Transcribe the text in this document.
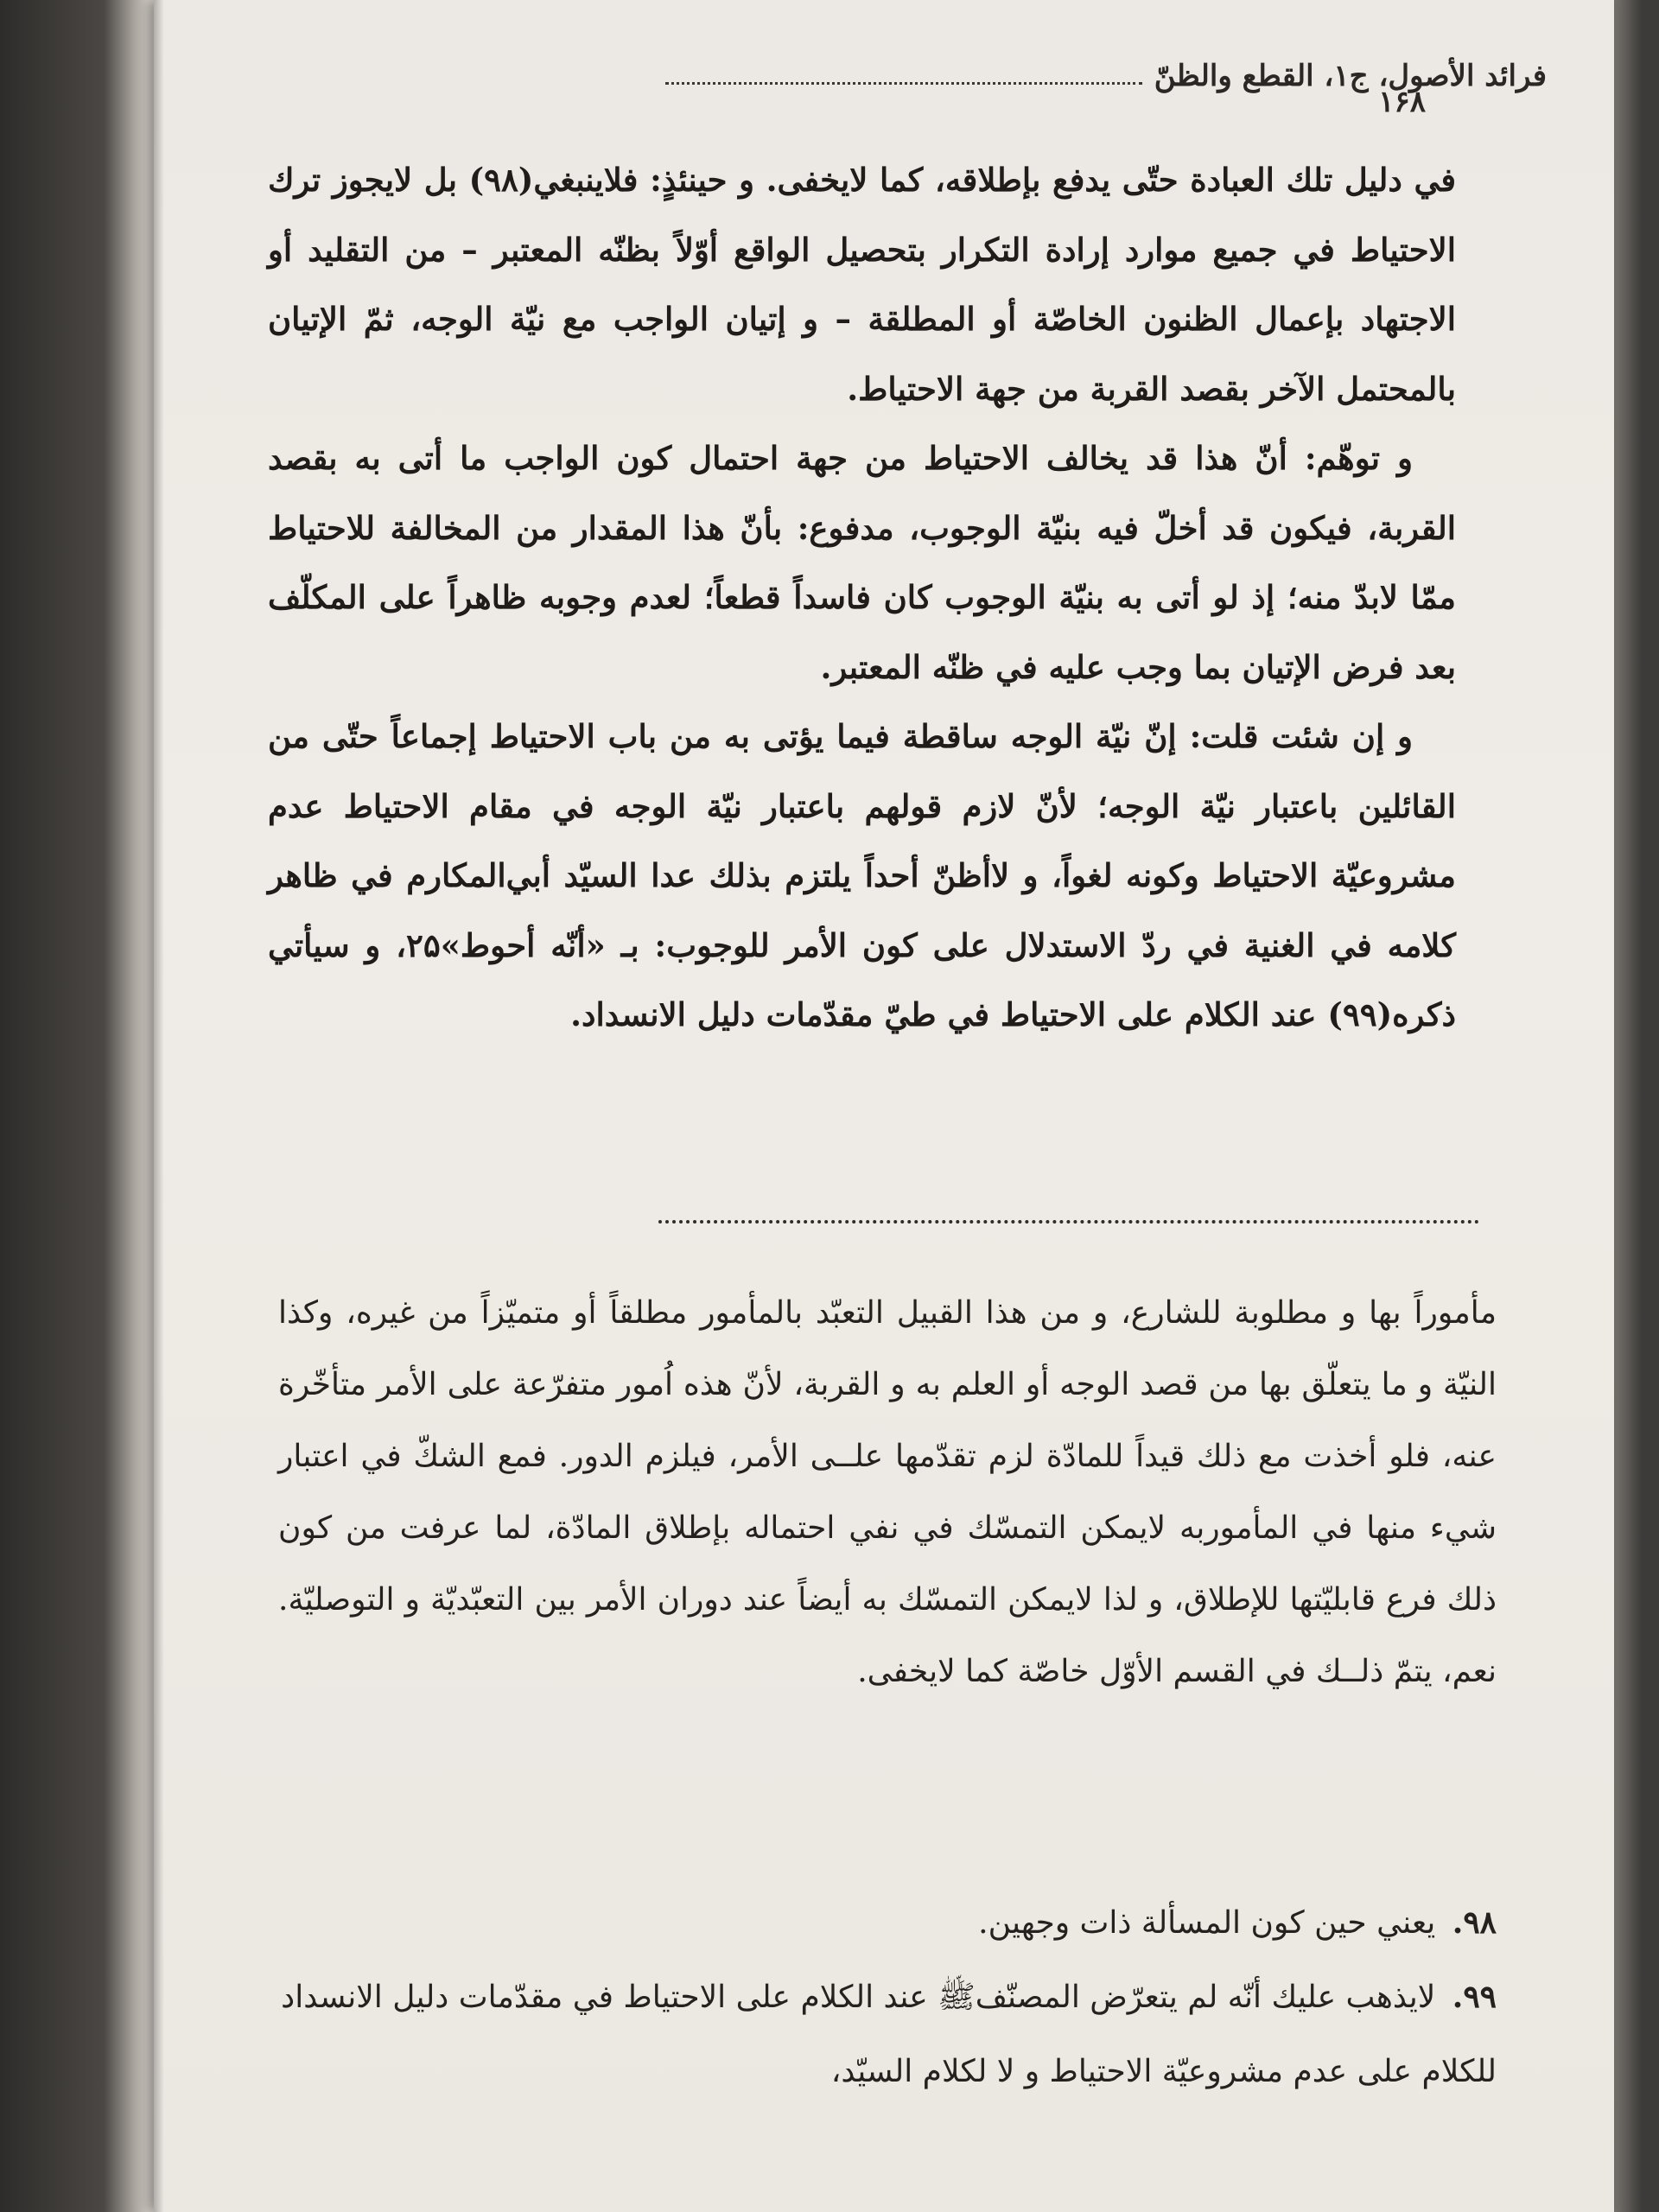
فرائد الأصول، ج۱، القطع والظنّ
۱۶۸

في دليل تلك العبادة حتّى يدفع بإطلاقه، كما لايخفى. و حينئذٍ: فلاينبغي(۹۸) بل لايجوز ترك الاحتياط في جميع موارد إرادة التكرار بتحصيل الواقع أوّلاً بظنّه المعتبر – من التقليد أو الاجتهاد بإعمال الظنون الخاصّة أو المطلقة – و إتيان الواجب مع نيّة الوجه، ثمّ الإتيان بالمحتمل الآخر بقصد القربة من جهة الاحتياط.

و توهّم: أنّ هذا قد يخالف الاحتياط من جهة احتمال كون الواجب ما أتى به بقصد القربة، فيكون قد أخلّ فيه بنيّة الوجوب، مدفوع: بأنّ هذا المقدار من المخالفة للاحتياط ممّا لابدّ منه؛ إذ لو أتى به بنيّة الوجوب كان فاسداً قطعاً؛ لعدم وجوبه ظاهراً على المكلّف بعد فرض الإتيان بما وجب عليه في ظنّه المعتبر.

و إن شئت قلت: إنّ نيّة الوجه ساقطة فيما يؤتى به من باب الاحتياط إجماعاً حتّى من القائلين باعتبار نيّة الوجه؛ لأنّ لازم قولهم باعتبار نيّة الوجه في مقام الاحتياط عدم مشروعيّة الاحتياط وكونه لغواً، و لاأظنّ أحداً يلتزم بذلك عدا السيّد أبي‌المكارم في ظاهر كلامه في الغنية في ردّ الاستدلال على كون الأمر للوجوب: بـ «أنّه أحوط»۲۵، و سيأتي ذكره(۹۹) عند الكلام على الاحتياط في طيّ مقدّمات دليل الانسداد.

مأموراً بها و مطلوبة للشارع، و من هذا القبيل التعبّد بالمأمور مطلقاً أو متميّزاً من غيره، وكذا النيّة و ما يتعلّق بها من قصد الوجه أو العلم به و القربة، لأنّ هذه اُمور متفرّعة على الأمر متأخّرة عنه، فلو أخذت مع ذلك قيداً للمادّة لزم تقدّمها علــى الأمر، فيلزم الدور. فمع الشكّ في اعتبار شيء منها في المأموربه لايمكن التمسّك في نفي احتماله بإطلاق المادّة، لما عرفت من كون ذلك فرع قابليّتها للإطلاق، و لذا لايمكن التمسّك به أيضاً عند دوران الأمر بين التعبّديّة و التوصليّة. نعم، يتمّ ذلــك في القسم الأوّل خاصّة كما لايخفى.

۹۸. يعني حين كون المسألة ذات وجهين.
۹۹. لايذهب عليك أنّه لم يتعرّض المصنّف‌ﷺ عند الكلام على الاحتياط في مقدّمات دليل الانسداد للكلام على عدم مشروعيّة الاحتياط و لا لكلام السيّد،
